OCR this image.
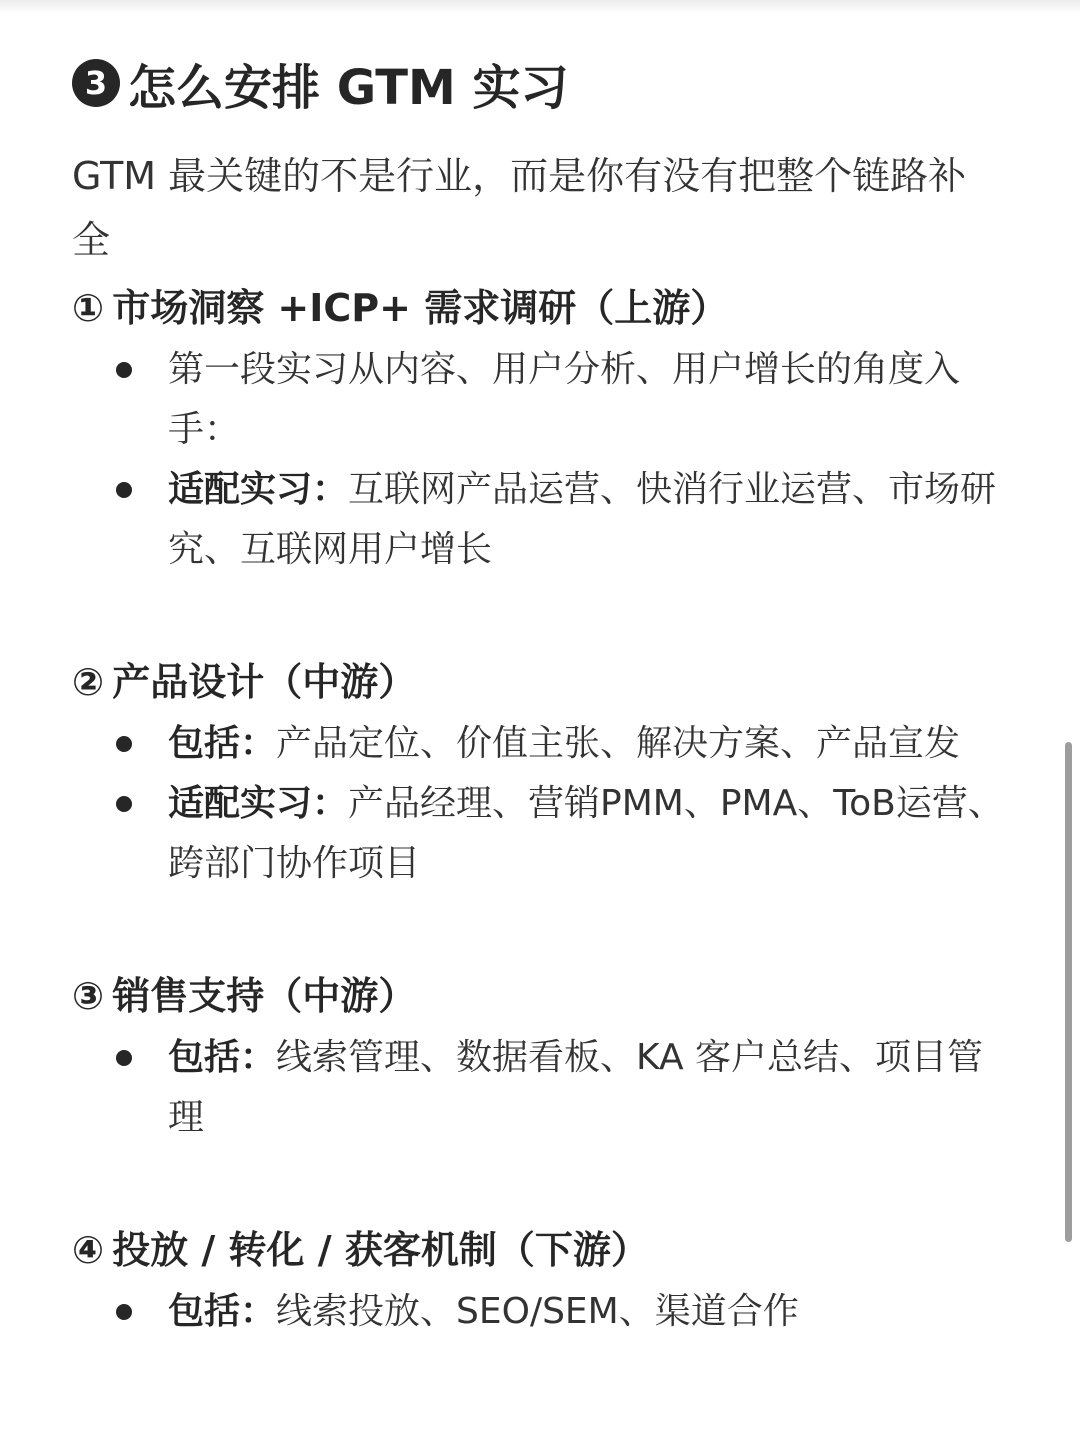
3 怎么安排 GTM 实习
GTM 最关键的不是行业，而是你有没有把整个链路补全
① 市场洞察 +ICP+ 需求调研（上游）
第一段实习从内容、用户分析、用户增长的角度入手：
适配实习：互联网产品运营、快消行业运营、市场研究、互联网用户增长
② 产品设计（中游）
包括：产品定位、价值主张、解决方案、产品宣发
适配实习：产品经理、营销PMM、PMA、ToB运营、跨部门协作项目
③ 销售支持（中游）
包括：线索管理、数据看板、KA 客户总结、项目管理
④ 投放 / 转化 / 获客机制（下游）
包括：线索投放、SEO/SEM、渠道合作
